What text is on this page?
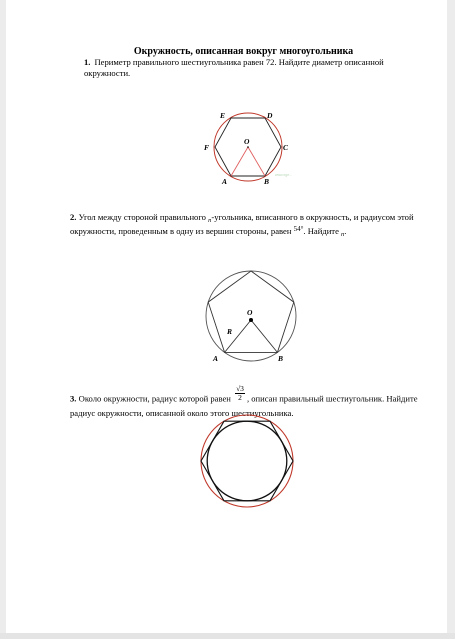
Окружность, описанная вокруг многоугольника
1. Периметр правильного шестиугольника равен 72. Найдите диаметр описанной окружности.
O
E	D
F	C
A	B
www.ege...
2. Угол между стороной правильного $_n$-угольника, вписанного в окружность, и радиусом этой окружности, проведенным в одну из вершин стороны, равен $^{54^\circ}$. Найдите $_n$.
O
R
A	B
3. Около окружности, радиус которой равен $\frac{√3}{2}$ , описан правильный шестиугольник. Найдите радиус окружности, описанной около этого шестиугольника.
